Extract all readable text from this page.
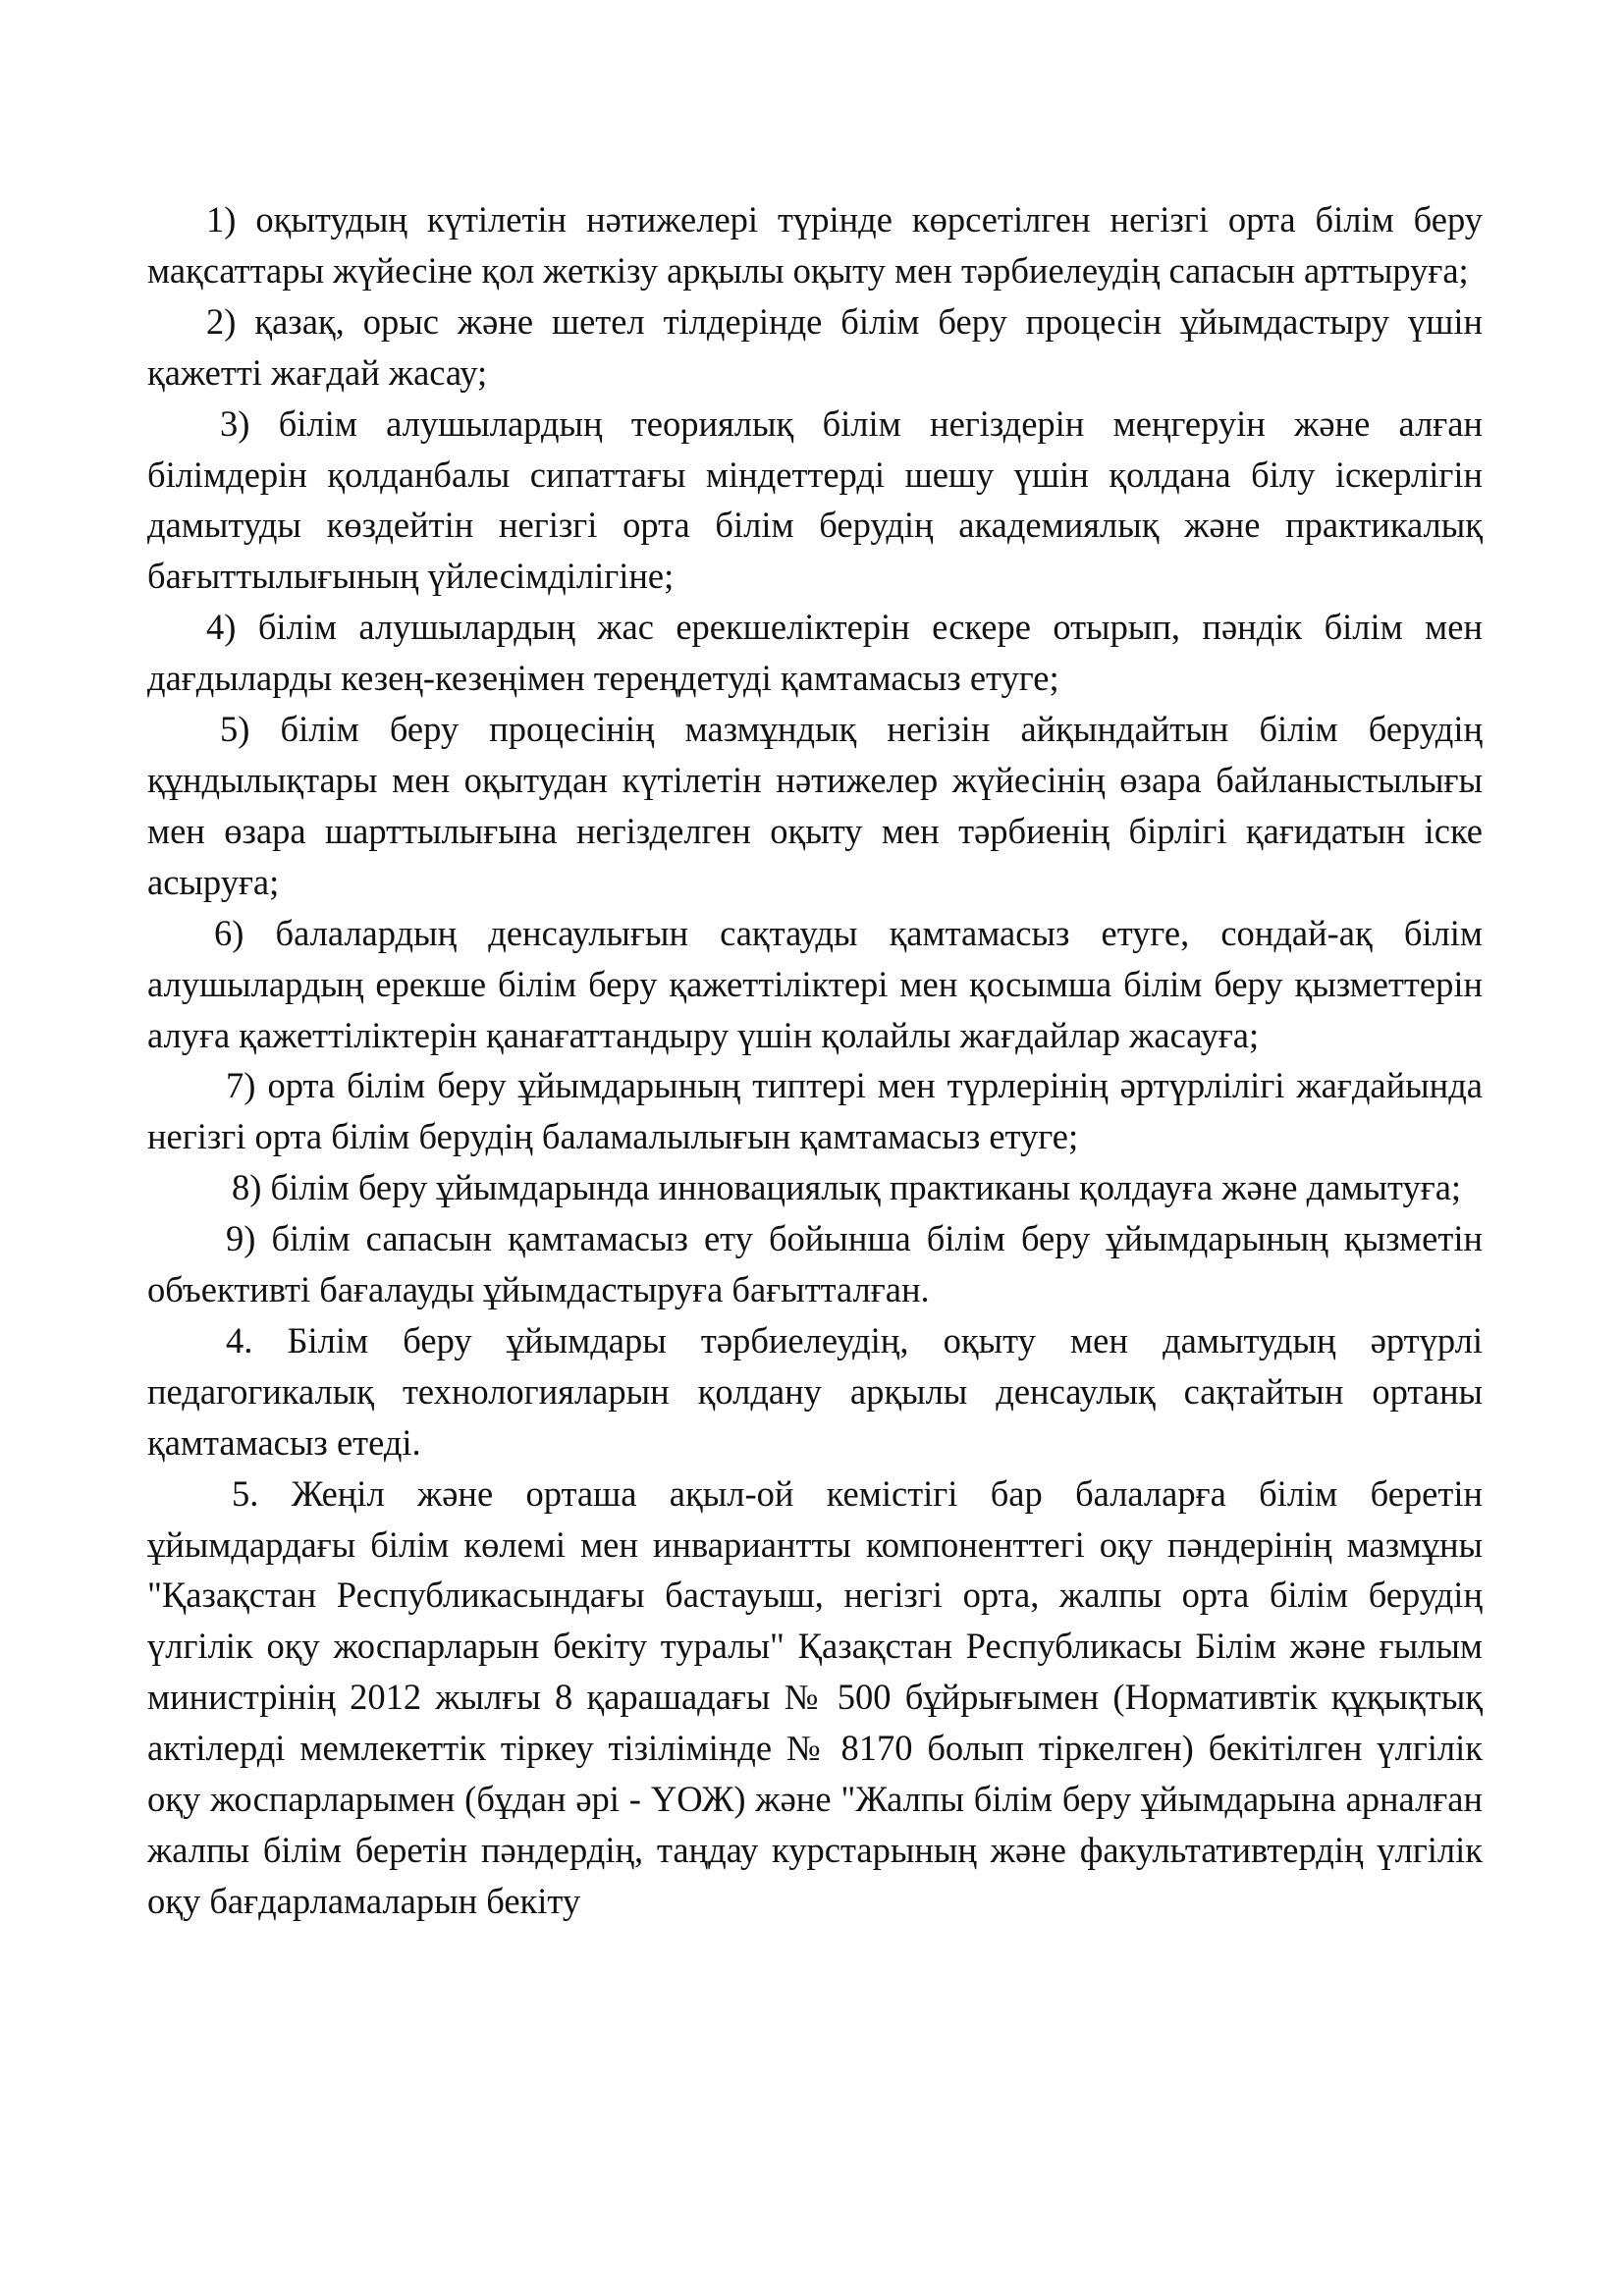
1) оқытудың күтілетін нәтижелері түрінде көрсетілген негізгі орта білім беру мақсаттары жүйесіне қол жеткізу арқылы оқыту мен тәрбиелеудің сапасын арттыруға;

2) қазақ, орыс және шетел тілдерінде білім беру процесін ұйымдастыру үшін қажетті жағдай жасау;

3) білім алушылардың теориялық білім негіздерін меңгеруін және алған білімдерін қолданбалы сипаттағы міндеттерді шешу үшін қолдана білу іскерлігін дамытуды көздейтін негізгі орта білім берудің академиялық және практикалық бағыттылығының үйлесімділігіне;

4) білім алушылардың жас ерекшеліктерін ескере отырып, пәндік білім мен дағдыларды кезең-кезеңімен тереңдетуді қамтамасыз етуге;

5) білім беру процесінің мазмұндық негізін айқындайтын білім берудің құндылықтары мен оқытудан күтілетін нәтижелер жүйесінің өзара байланыстылығы мен өзара шарттылығына негізделген оқыту мен тәрбиенің бірлігі қағидатын іске асыруға;

6) балалардың денсаулығын сақтауды қамтамасыз етуге, сондай-ақ білім алушылардың ерекше білім беру қажеттіліктері мен қосымша білім беру қызметтерін алуға қажеттіліктерін қанағаттандыру үшін қолайлы жағдайлар жасауға;

7) орта білім беру ұйымдарының типтері мен түрлерінің әртүрлілігі жағдайында негізгі орта білім берудің баламалылығын қамтамасыз етуге;

8) білім беру ұйымдарында инновациялық практиканы қолдауға және дамытуға;

9) білім сапасын қамтамасыз ету бойынша білім беру ұйымдарының қызметін объективті бағалауды ұйымдастыруға бағытталған.

4. Білім беру ұйымдары тәрбиелеудің, оқыту мен дамытудың әртүрлі педагогикалық технологияларын қолдану арқылы денсаулық сақтайтын ортаны қамтамасыз етеді.

5. Жеңіл және орташа ақыл-ой кемістігі бар балаларға білім беретін ұйымдардағы білім көлемі мен инвариантты компоненттегі оқу пәндерінің мазмұны "Қазақстан Республикасындағы бастауыш, негізгі орта, жалпы орта білім берудің үлгілік оқу жоспарларын бекіту туралы" Қазақстан Республикасы Білім және ғылым министрінің 2012 жылғы 8 қарашадағы № 500 бұйрығымен (Нормативтік құқықтық актілерді мемлекеттік тіркеу тізілімінде № 8170 болып тіркелген) бекітілген үлгілік оқу жоспарларымен (бұдан әрі - ҮОЖ) және "Жалпы білім беру ұйымдарына арналған жалпы білім беретін пәндердің, таңдау курстарының және факультативтердің үлгілік оқу бағдарламаларын бекіту
